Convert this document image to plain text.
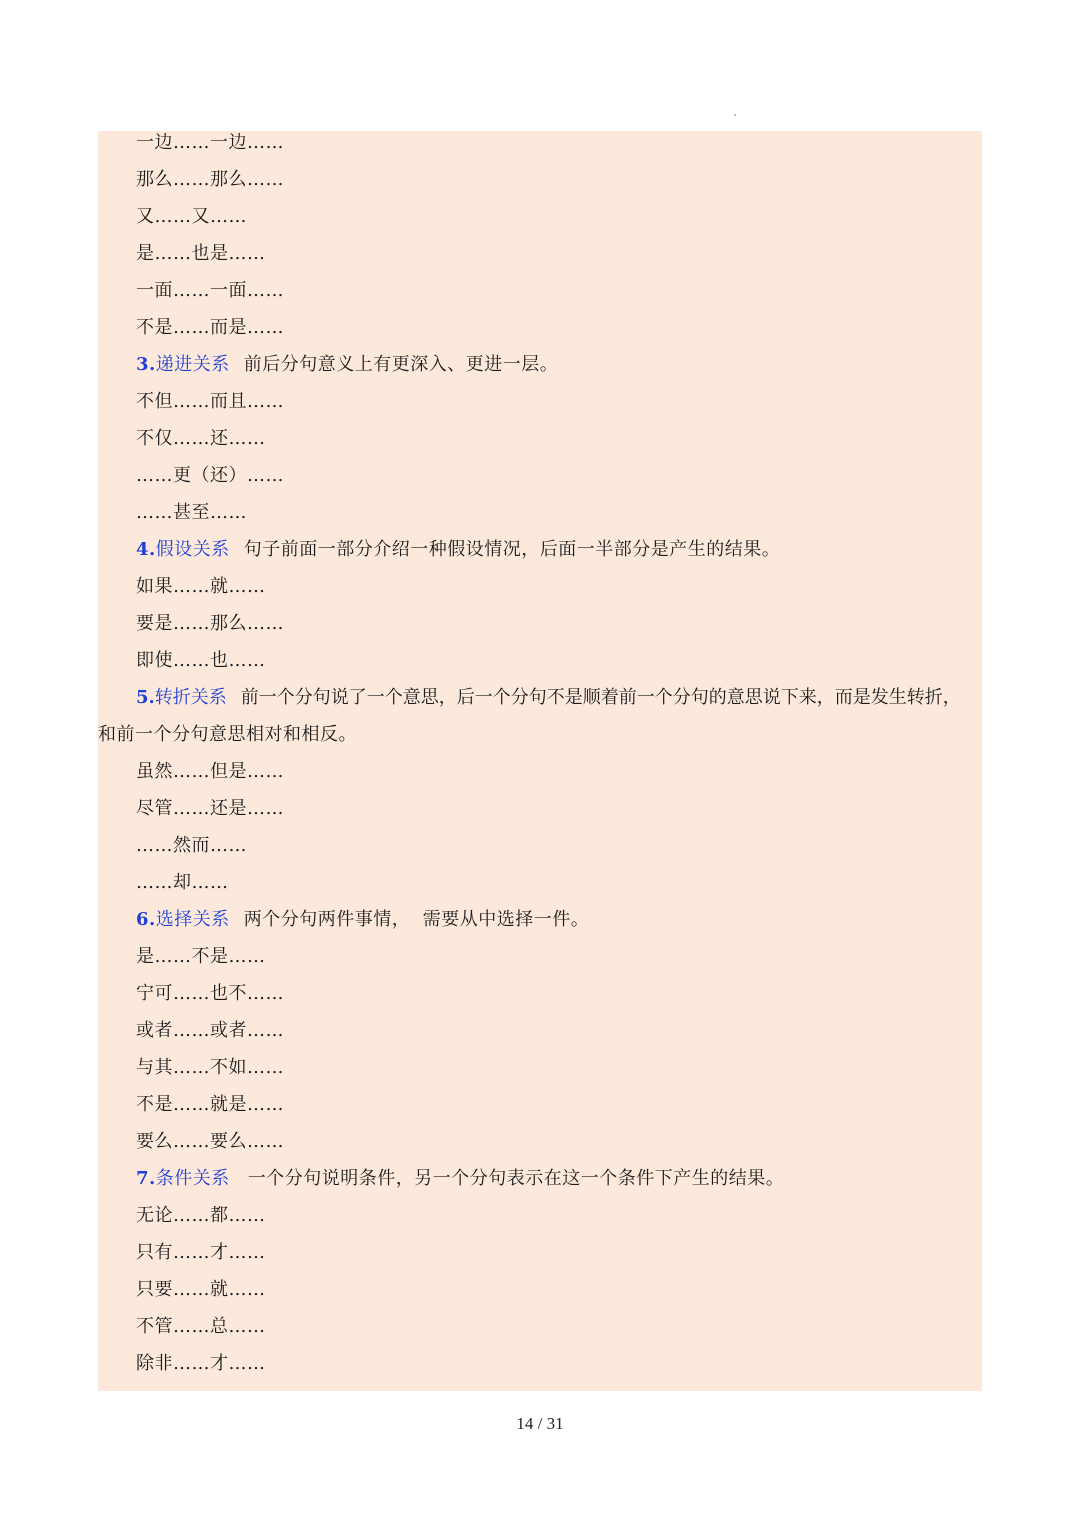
一边……一边……
那么……那么……
又……又……
是……也是……
一面……一面……
不是……而是……
3.递进关系 前后分句意义上有更深入、更进一层。
不但……而且……
不仅……还……
……更（还）……
……甚至……
4.假设关系 句子前面一部分介绍一种假设情况，后面一半部分是产生的结果。
如果……就……
要是……那么……
即使……也……
5.转折关系 前一个分句说了一个意思，后一个分句不是顺着前一个分句的意思说下来，而是发生转折，
和前一个分句意思相对和相反。
虽然……但是……
尽管……还是……
……然而……
……却……
6.选择关系 两个分句两件事情，  需要从中选择一件。
是……不是……
宁可……也不……
或者……或者……
与其……不如……
不是……就是……
要么……要么……
7.条件关系 一个分句说明条件，另一个分句表示在这一个条件下产生的结果。
无论……都……
只有……才……
只要……就……
不管……总……
除非……才……
14 / 31
